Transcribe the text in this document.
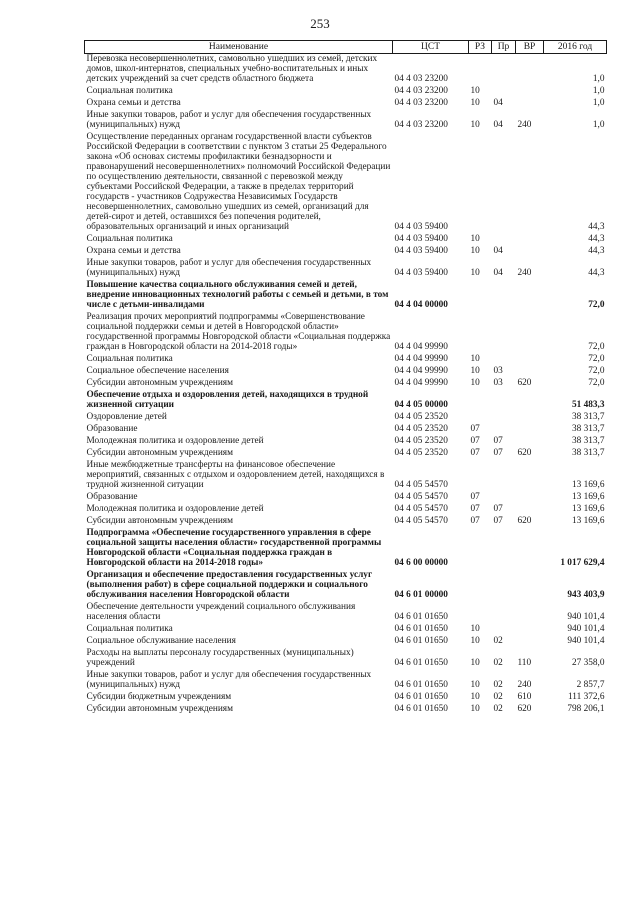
253
Наименование	ЦСТ	РЗ	Пр	ВР	2016 год
Перевозка несовершеннолетних, самовольно ушедших из семей, детских домов, школ-интернатов, специальных учебно-воспитательных и иных детских учреждений за счет средств областного бюджета	04 4 03 23200				1,0
Социальная политика	04 4 03 23200	10			1,0
Охрана семьи и детства	04 4 03 23200	10	04		1,0
Иные закупки товаров, работ и услуг для обеспечения государственных (муниципальных) нужд	04 4 03 23200	10	04	240	1,0
Осуществление переданных органам государственной власти субъектов Российской Федерации в соответствии с пунктом 3 статьи 25 Федерального закона «Об основах системы профилактики безнадзорности и правонарушений несовершеннолетних» полномочий Российской Федерации по осуществлению деятельности, связанной с перевозкой между субъектами Российской Федерации, а также в пределах территорий государств - участников Содружества Независимых Государств несовершеннолетних, самовольно ушедших из семей, организаций для детей-сирот и детей, оставшихся без попечения родителей, образовательных организаций и иных организаций	04 4 03 59400				44,3
Социальная политика	04 4 03 59400	10			44,3
Охрана семьи и детства	04 4 03 59400	10	04		44,3
Иные закупки товаров, работ и услуг для обеспечения государственных (муниципальных) нужд	04 4 03 59400	10	04	240	44,3
Повышение качества социального обслуживания семей и детей, внедрение инновационных технологий работы с семьей и детьми, в том числе с детьми-инвалидами	04 4 04 00000				72,0
Реализация прочих мероприятий подпрограммы «Совершенствование социальной поддержки семьи и детей в Новгородской области» государственной программы Новгородской области «Социальная поддержка граждан в Новгородской области на 2014-2018 годы»	04 4 04 99990				72,0
Социальная политика	04 4 04 99990	10			72,0
Социальное обеспечение населения	04 4 04 99990	10	03		72,0
Субсидии автономным учреждениям	04 4 04 99990	10	03	620	72,0
Обеспечение отдыха и оздоровления детей, находящихся в трудной жизненной ситуации	04 4 05 00000				51 483,3
Оздоровление детей	04 4 05 23520				38 313,7
Образование	04 4 05 23520	07			38 313,7
Молодежная политика и оздоровление детей	04 4 05 23520	07	07		38 313,7
Субсидии автономным учреждениям	04 4 05 23520	07	07	620	38 313,7
Иные межбюджетные трансферты на финансовое обеспечение мероприятий, связанных с отдыхом и оздоровлением детей, находящихся в трудной жизненной ситуации	04 4 05 54570				13 169,6
Образование	04 4 05 54570	07			13 169,6
Молодежная политика и оздоровление детей	04 4 05 54570	07	07		13 169,6
Субсидии автономным учреждениям	04 4 05 54570	07	07	620	13 169,6
Подпрограмма «Обеспечение государственного управления в сфере социальной защиты населения области» государственной программы Новгородской области «Социальная поддержка граждан в Новгородской области на 2014-2018 годы»	04 6 00 00000				1 017 629,4
Организация и обеспечение предоставления государственных услуг (выполнения работ) в сфере социальной поддержки и социального обслуживания населения Новгородской области	04 6 01 00000				943 403,9
Обеспечение деятельности учреждений социального обслуживания населения области	04 6 01 01650				940 101,4
Социальная политика	04 6 01 01650	10			940 101,4
Социальное обслуживание населения	04 6 01 01650	10	02		940 101,4
Расходы на выплаты персоналу государственных (муниципальных) учреждений	04 6 01 01650	10	02	110	27 358,0
Иные закупки товаров, работ и услуг для обеспечения государственных (муниципальных) нужд	04 6 01 01650	10	02	240	2 857,7
Субсидии бюджетным учреждениям	04 6 01 01650	10	02	610	111 372,6
Субсидии автономным учреждениям	04 6 01 01650	10	02	620	798 206,1
